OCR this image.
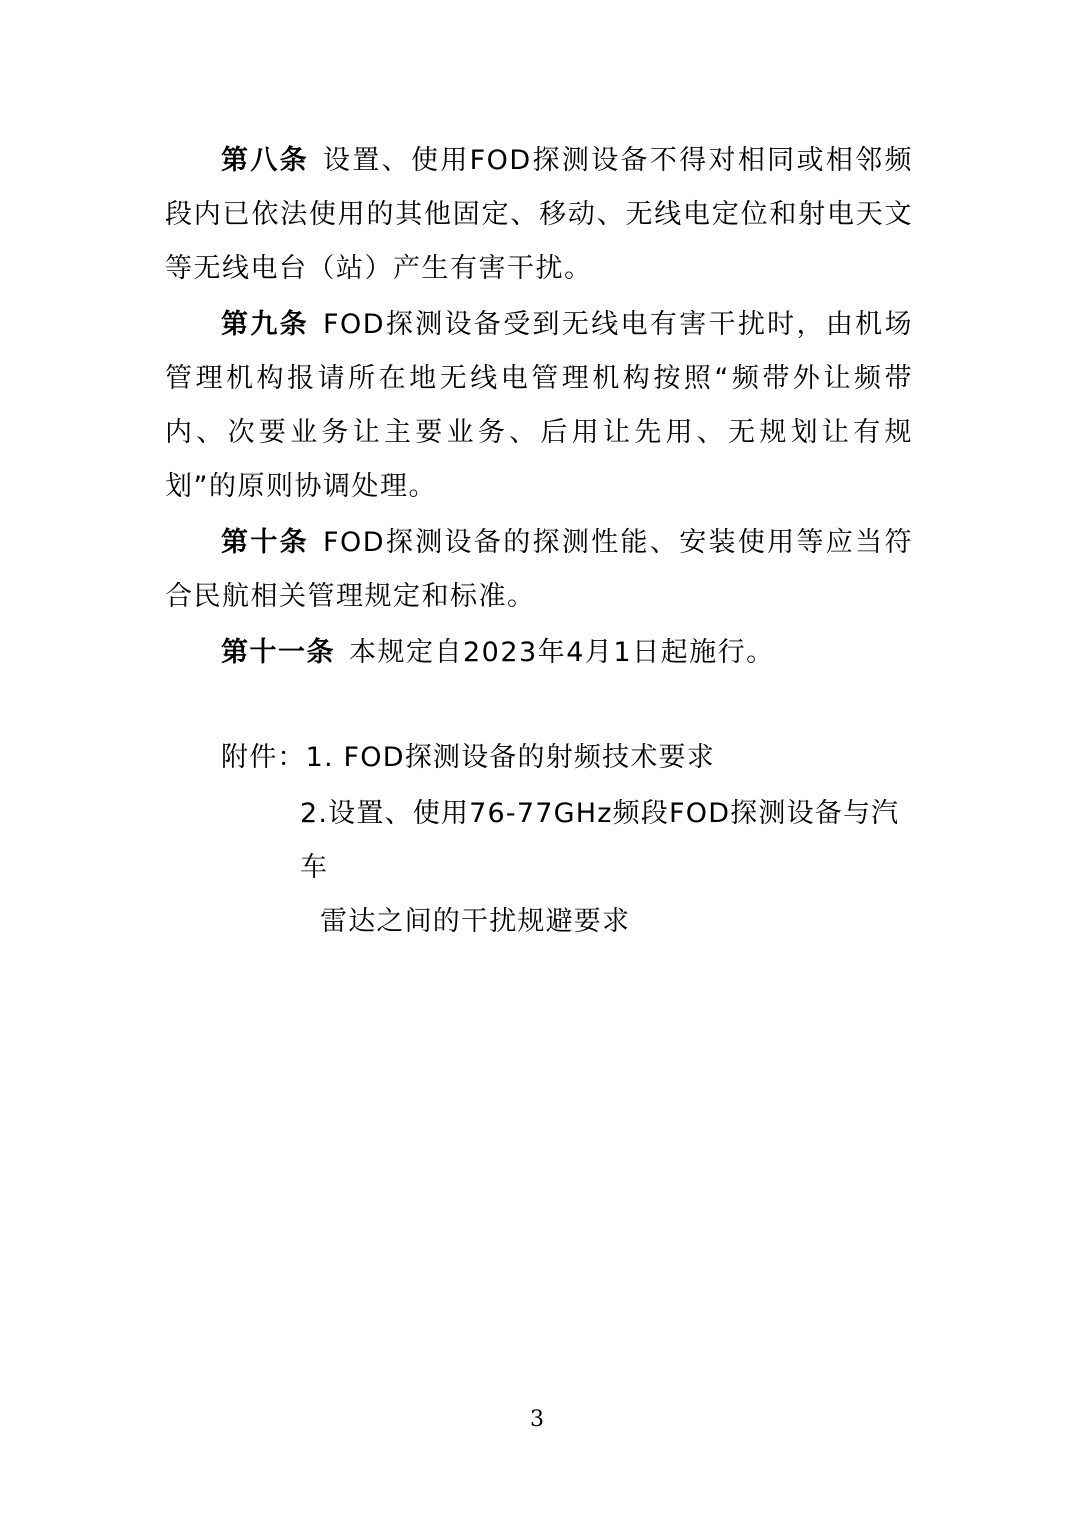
第八条 设置、使用FOD探测设备不得对相同或相邻频段内已依法使用的其他固定、移动、无线电定位和射电天文等无线电台（站）产生有害干扰。

第九条 FOD探测设备受到无线电有害干扰时，由机场管理机构报请所在地无线电管理机构按照“频带外让频带内、次要业务让主要业务、后用让先用、无规划让有规划”的原则协调处理。

第十条 FOD探测设备的探测性能、安装使用等应当符合民航相关管理规定和标准。

第十一条 本规定自2023年4月1日起施行。

附件：1. FOD探测设备的射频技术要求

2.设置、使用76-77GHz频段FOD探测设备与汽车
雷达之间的干扰规避要求

3
